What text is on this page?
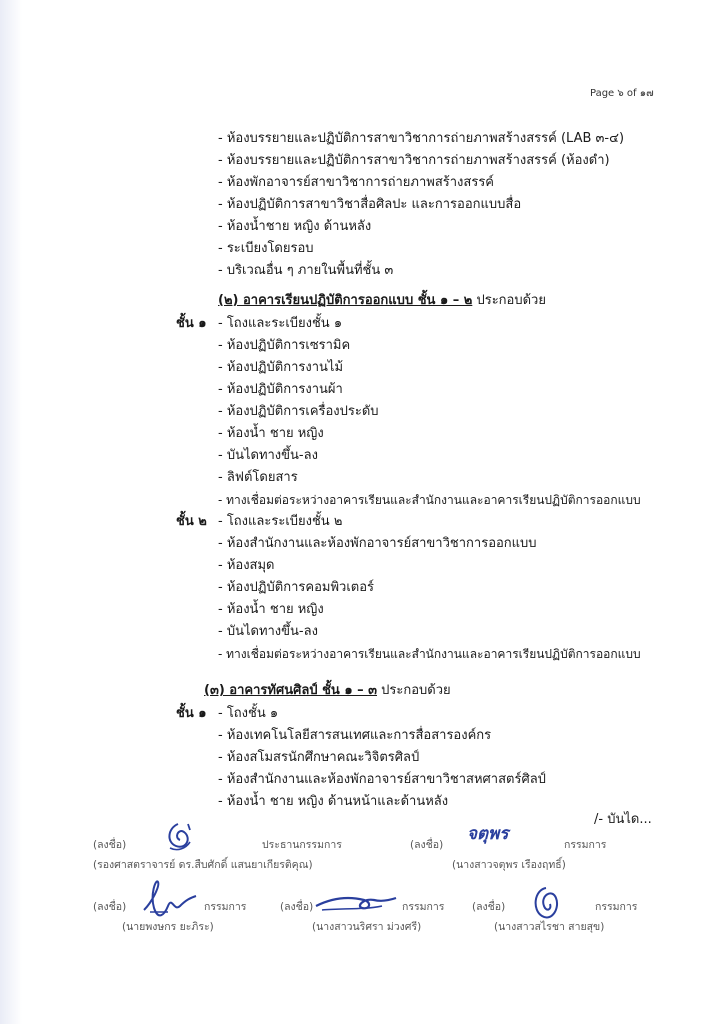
Page ๖ of ๑๗
- ห้องบรรยายและปฏิบัติการสาขาวิชาการถ่ายภาพสร้างสรรค์ (LAB ๓-๔)
- ห้องบรรยายและปฏิบัติการสาขาวิชาการถ่ายภาพสร้างสรรค์ (ห้องดำ)
- ห้องพักอาจารย์สาขาวิชาการถ่ายภาพสร้างสรรค์
- ห้องปฏิบัติการสาขาวิชาสื่อศิลปะ และการออกแบบสื่อ
- ห้องน้ำชาย หญิง ด้านหลัง
- ระเบียงโดยรอบ
- บริเวณอื่น ๆ ภายในพื้นที่ชั้น ๓
(๒) อาคารเรียนปฏิบัติการออกแบบ ชั้น ๑ – ๒ ประกอบด้วย
ชั้น ๑ - โถงและระเบียงชั้น ๑
- ห้องปฏิบัติการเซรามิค
- ห้องปฏิบัติการงานไม้
- ห้องปฏิบัติการงานผ้า
- ห้องปฏิบัติการเครื่องประดับ
- ห้องน้ำ ชาย หญิง
- บันไดทางขึ้น-ลง
- ลิฟต์โดยสาร
- ทางเชื่อมต่อระหว่างอาคารเรียนและสำนักงานและอาคารเรียนปฏิบัติการออกแบบ
ชั้น ๒ - โถงและระเบียงชั้น ๒
- ห้องสำนักงานและห้องพักอาจารย์สาขาวิชาการออกแบบ
- ห้องสมุด
- ห้องปฏิบัติการคอมพิวเตอร์
- ห้องน้ำ ชาย หญิง
- บันไดทางขึ้น-ลง
- ทางเชื่อมต่อระหว่างอาคารเรียนและสำนักงานและอาคารเรียนปฏิบัติการออกแบบ
(๓) อาคารทัศนศิลป์ ชั้น ๑ – ๓ ประกอบด้วย
ชั้น ๑ - โถงชั้น ๑
- ห้องเทคโนโลยีสารสนเทศและการสื่อสารองค์กร
- ห้องสโมสรนักศึกษาคณะวิจิตรศิลป์
- ห้องสำนักงานและห้องพักอาจารย์สาขาวิชาสหศาสตร์ศิลป์
- ห้องน้ำ ชาย หญิง ด้านหน้าและด้านหลัง
/- บันได...
(ลงชื่อ)	ประธานกรรมการ
(รองศาสตราจารย์ ดร.สืบศักดิ์ แสนยาเกียรติคุณ)
(ลงชื่อ)
จตุพร
กรรมการ
(นางสาวจตุพร เรืองฤทธิ์)
(ลงชื่อ)	กรรมการ
(นายพงษกร ยะภิระ)
(ลงชื่อ)	กรรมการ
(นางสาวนริศรา ม่วงศรี)
(ลงชื่อ)	กรรมการ
(นางสาวสไรชา สายสุข)
